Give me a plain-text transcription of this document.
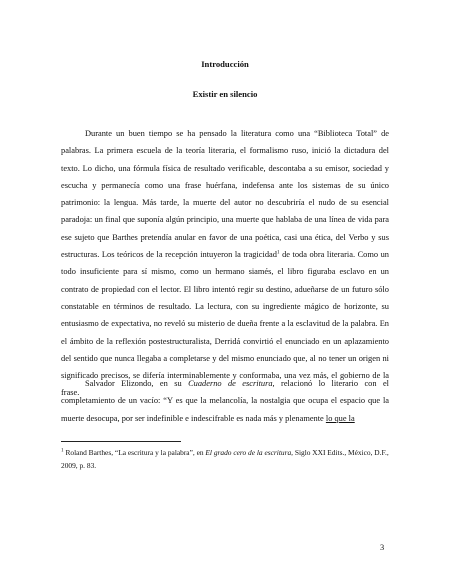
Introducción
Existir en silencio

Durante un buen tiempo se ha pensado la literatura como una “Biblioteca Total” de palabras. La primera escuela de la teoría literaria, el formalismo ruso, inició la dictadura del texto. Lo dicho, una fórmula física de resultado verificable, descontaba a su emisor, sociedad y escucha y permanecía como una frase huérfana, indefensa ante los sistemas de su único patrimonio: la lengua. Más tarde, la muerte del autor no descubriría el nudo de su esencial paradoja: un final que suponía algún principio, una muerte que hablaba de una línea de vida para ese sujeto que Barthes pretendía anular en favor de una poética, casi una ética, del Verbo y sus estructuras. Los teóricos de la recepción intuyeron la tragicidad$^1$ de toda obra literaria. Como un todo insuficiente para sí mismo, como un hermano siamés, el libro figuraba esclavo en un contrato de propiedad con el lector. El libro intentó regir su destino, adueñarse de un futuro sólo constatable en términos de resultado. La lectura, con su ingrediente mágico de horizonte, su entusiasmo de expectativa, no reveló su misterio de dueña frente a la esclavitud de la palabra. En el ámbito de la reflexión postestructuralista, Derridá convirtió el enunciado en un aplazamiento del sentido que nunca llegaba a completarse y del mismo enunciado que, al no tener un origen ni significado precisos, se difería interminablemente y conformaba, una vez más, el gobierno de la frase.

Salvador Elizondo, en su Cuaderno de escritura, relacionó lo literario con el completamiento de un vacío: “Y es que la melancolía, la nostalgia que ocupa el espacio que la muerte desocupa, por ser indefinible e indescifrable es nada más y plenamente lo que la

$^1$ Roland Barthes, “La escritura y la palabra”, en El grado cero de la escritura, Siglo XXI Edits., México, D.F., 2009, p. 83.

3
